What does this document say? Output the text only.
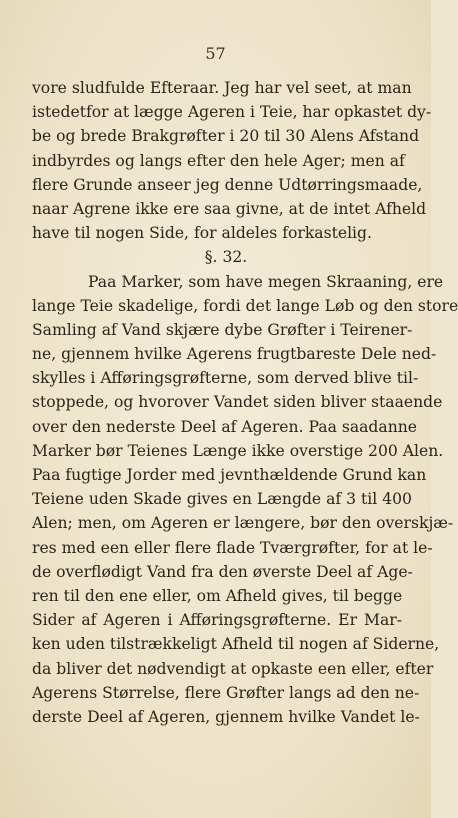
57
vore sludfulde Efteraar. Jeg har vel seet, at man
istedetfor at lægge Ageren i Teie, har opkastet dy-
be og brede Brakgrøfter i 20 til 30 Alens Afstand
indbyrdes og langs efter den hele Ager; men af
flere Grunde anseer jeg denne Udtørringsmaade,
naar Agrene ikke ere saa givne, at de intet Afheld
have til nogen Side, for aldeles forkastelig.
§. 32.
Paa Marker, som have megen Skraaning, ere
lange Teie skadelige, fordi det lange Løb og den store
Samling af Vand skjære dybe Grøfter i Teirener-
ne, gjennem hvilke Agerens frugtbareste Dele ned-
skylles i Afføringsgrøfterne, som derved blive til-
stoppede, og hvorover Vandet siden bliver staaende
over den nederste Deel af Ageren. Paa saadanne
Marker bør Teienes Længe ikke overstige 200 Alen.
Paa fugtige Jorder med jevnthældende Grund kan
Teiene uden Skade gives en Længde af 3 til 400
Alen; men, om Ageren er længere, bør den overskjæ-
res med een eller flere flade Tværgrøfter, for at le-
de overflødigt Vand fra den øverste Deel af Age-
ren til den ene eller, om Afheld gives, til begge
Sider af Ageren i Afføringsgrøfterne. Er Mar-
ken uden tilstrækkeligt Afheld til nogen af Siderne,
da bliver det nødvendigt at opkaste een eller, efter
Agerens Størrelse, flere Grøfter langs ad den ne-
derste Deel af Ageren, gjennem hvilke Vandet le-
